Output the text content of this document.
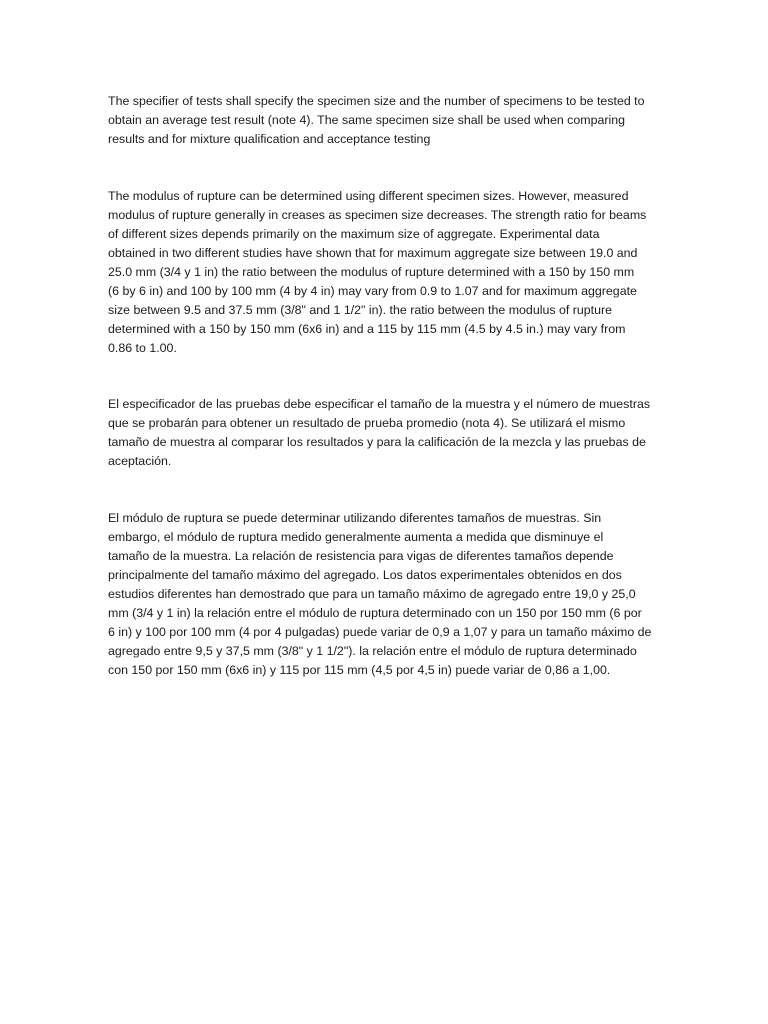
The specifier of tests shall specify the specimen size and the number of specimens to be tested to
obtain an average test result (note 4). The same specimen size shall be used when comparing
results and for mixture qualification and acceptance testing
The modulus of rupture can be determined using different specimen sizes. However, measured
modulus of rupture generally in creases as specimen size decreases. The strength ratio for beams
of different sizes depends primarily on the maximum size of aggregate. Experimental data
obtained in two different studies have shown that for maximum aggregate size between 19.0 and
25.0 mm (3/4 y 1 in) the ratio between the modulus of rupture determined with a 150 by 150 mm
(6 by 6 in) and 100 by 100 mm (4 by 4 in) may vary from 0.9 to 1.07 and for maximum aggregate
size between 9.5 and 37.5 mm (3/8" and 1 1/2" in). the ratio between the modulus of rupture
determined with a 150 by 150 mm (6x6 in) and a 115 by 115 mm (4.5 by 4.5 in.) may vary from
0.86 to 1.00.
El especificador de las pruebas debe especificar el tamaño de la muestra y el número de muestras
que se probarán para obtener un resultado de prueba promedio (nota 4). Se utilizará el mismo
tamaño de muestra al comparar los resultados y para la calificación de la mezcla y las pruebas de
aceptación.
El módulo de ruptura se puede determinar utilizando diferentes tamaños de muestras. Sin
embargo, el módulo de ruptura medido generalmente aumenta a medida que disminuye el
tamaño de la muestra. La relación de resistencia para vigas de diferentes tamaños depende
principalmente del tamaño máximo del agregado. Los datos experimentales obtenidos en dos
estudios diferentes han demostrado que para un tamaño máximo de agregado entre 19,0 y 25,0
mm (3/4 y 1 in) la relación entre el módulo de ruptura determinado con un 150 por 150 mm (6 por
6 in) y 100 por 100 mm (4 por 4 pulgadas) puede variar de 0,9 a 1,07 y para un tamaño máximo de
agregado entre 9,5 y 37,5 mm (3/8" y 1 1/2"). la relación entre el módulo de ruptura determinado
con 150 por 150 mm (6x6 in) y 115 por 115 mm (4,5 por 4,5 in) puede variar de 0,86 a 1,00.
